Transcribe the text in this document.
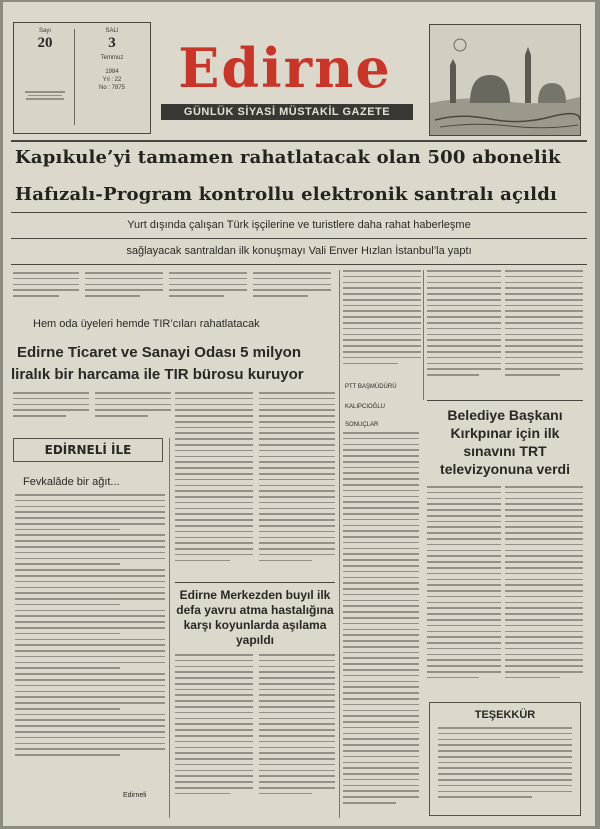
Sayı
20
SALI
3
Temmuz
1984
Yıl : 22
No : 7875 Edirne
GÜNLÜK SİYASİ MÜSTAKİL GAZETE
Kapıkule’yi tamamen rahatlatacak olan 500 abonelik
Hafızalı-Program kontrollu elektronik santralı açıldı
Yurt dışında çalışan Türk işçilerine ve turistlere daha rahat haberleşme
sağlayacak santraldan ilk konuşmayı Vali Enver Hızlan İstanbul’la yaptı
Hem oda üyeleri hemde TIR’cıları rahatlatacak
Edirne Ticaret ve Sanayi Odası 5 milyon
liralık bir harcama ile TIR bürosu kuruyor
EDİRNELİ İLE
Fevkalâde bir ağıt...
Edirneli
Edirne Merkezden buyıl ilk defa yavru atma hastalığına karşı koyunlarda aşılama yapıldı
PTT BAŞMÜDÜRÜ
KALIPCIOĞLU
SONUÇLAR
Belediye Başkanı Kırkpınar için ilk sınavını TRT televizyonuna verdi
TEŞEKKÜR
